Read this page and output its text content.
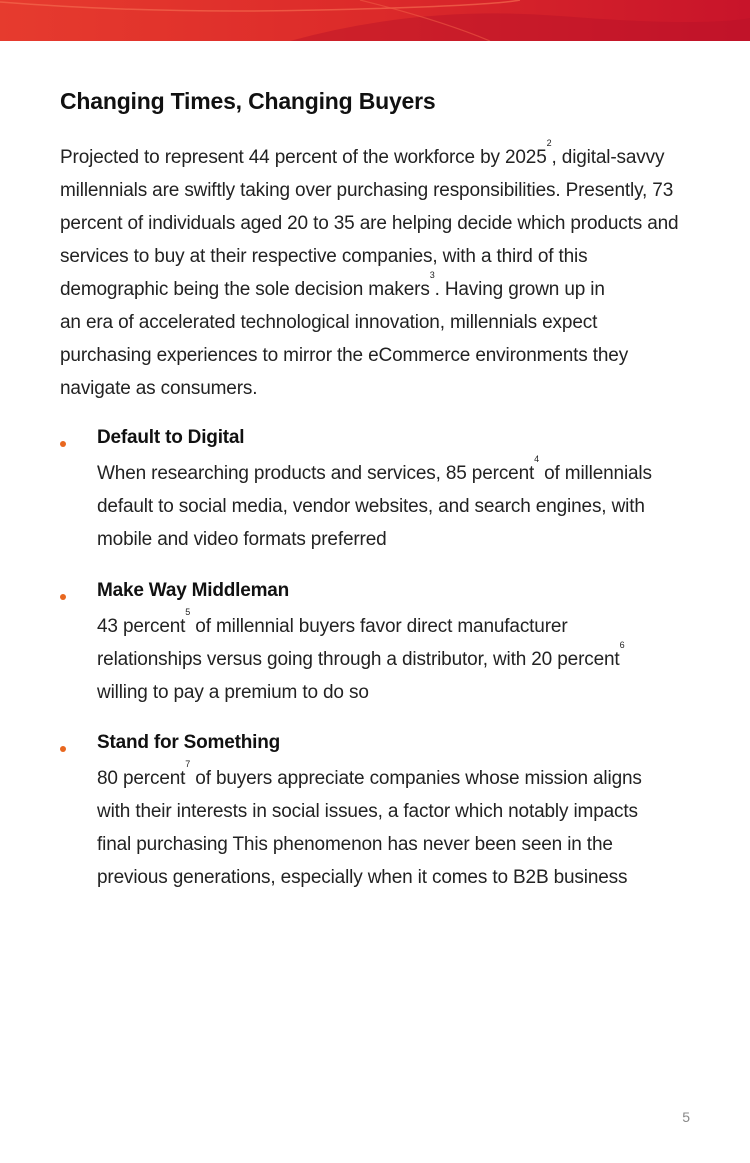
Changing Times, Changing Buyers

Projected to represent 44 percent of the workforce by 2025$^2$, digital-savvy
millennials are swiftly taking over purchasing responsibilities. Presently, 73
percent of individuals aged 20 to 35 are helping decide which products and
services to buy at their respective companies, with a third of this
demographic being the sole decision makers$^3$. Having grown up in
an era of accelerated technological innovation, millennials expect
purchasing experiences to mirror the eCommerce environments they
navigate as consumers.

Default to Digital
When researching products and services, 85 percent$^4$ of millennials
default to social media, vendor websites, and search engines, with
mobile and video formats preferred
Make Way Middleman
43 percent$^5$ of millennial buyers favor direct manufacturer
relationships versus going through a distributor, with 20 percent$^6$
willing to pay a premium to do so
Stand for Something
80 percent$^7$ of buyers appreciate companies whose mission aligns
with their interests in social issues, a factor which notably impacts
final purchasing This phenomenon has never been seen in the
previous generations, especially when it comes to B2B business
5
